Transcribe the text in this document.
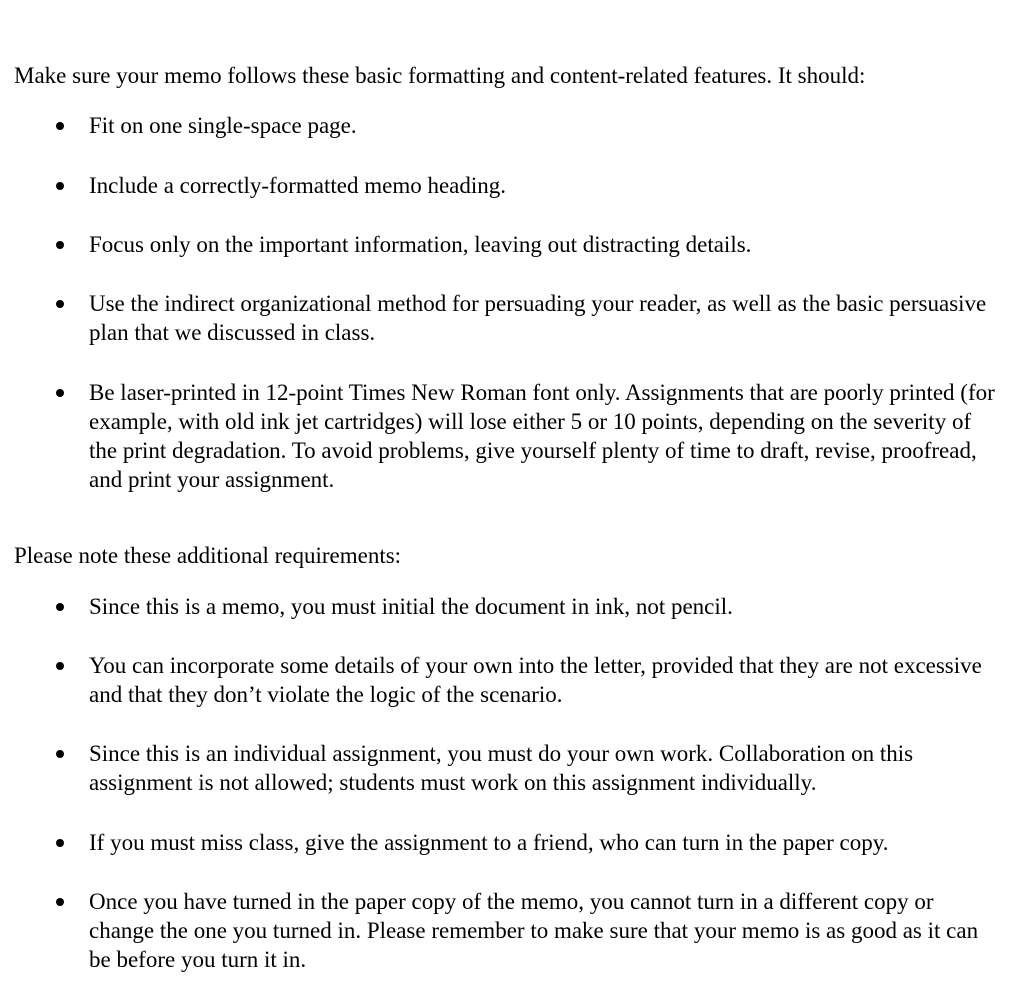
Make sure your memo follows these basic formatting and content-related features. It should:

Fit on one single-space page.

Include a correctly-formatted memo heading.

Focus only on the important information, leaving out distracting details.

Use the indirect organizational method for persuading your reader, as well as the basic persuasive plan that we discussed in class.

Be laser-printed in 12-point Times New Roman font only. Assignments that are poorly printed (for example, with old ink jet cartridges) will lose either 5 or 10 points, depending on the severity of the print degradation. To avoid problems, give yourself plenty of time to draft, revise, proofread, and print your assignment.

Please note these additional requirements:

Since this is a memo, you must initial the document in ink, not pencil.

You can incorporate some details of your own into the letter, provided that they are not excessive and that they don’t violate the logic of the scenario.

Since this is an individual assignment, you must do your own work. Collaboration on this assignment is not allowed; students must work on this assignment individually.

If you must miss class, give the assignment to a friend, who can turn in the paper copy.

Once you have turned in the paper copy of the memo, you cannot turn in a different copy or change the one you turned in. Please remember to make sure that your memo is as good as it can be before you turn it in.
